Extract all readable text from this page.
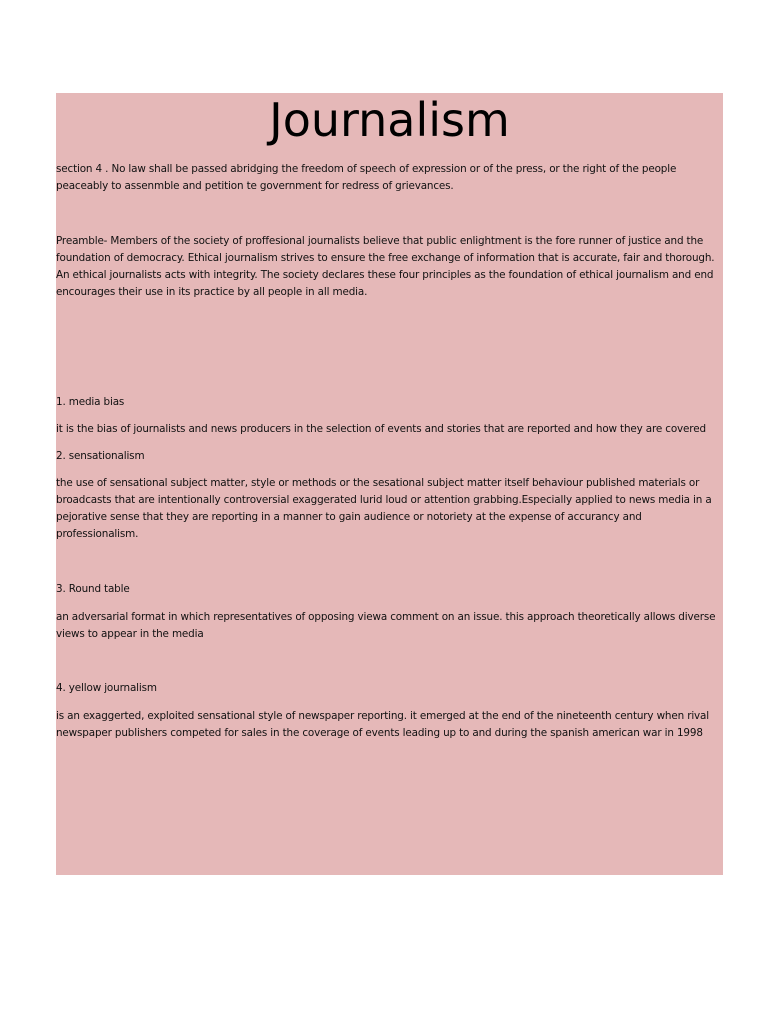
Journalism

section 4 . No law shall be passed abridging the freedom of speech of expression or of the press, or the right of the people peaceably to assenmble and petition te government for redress of grievances.

Preamble- Members of the society of proffesional journalists believe that public enlightment is the fore runner of justice and the foundation of democracy. Ethical journalism strives to ensure the free exchange of information that is accurate, fair and thorough. An ethical journalists acts with integrity. The society declares these four principles as the foundation of ethical journalism and end encourages their use in its practice by all people in all media.

1. media bias

it is the bias of journalists and news producers in the selection of events and stories that are reported and how they are covered

2. sensationalism

the use of sensational subject matter, style or methods or the sesational subject matter itself behaviour published materials or broadcasts that are intentionally controversial exaggerated lurid loud or attention grabbing.Especially applied to news media in a pejorative sense that they are reporting in a manner to gain audience or notoriety at the expense of accurancy and professionalism.

3. Round table

an adversarial format in which representatives of opposing viewa comment on an issue. this approach theoretically allows diverse views to appear in the media

4. yellow journalism

is an exaggerted, exploited sensational style of newspaper reporting. it emerged at the end of the nineteenth century when rival newspaper publishers competed for sales in the coverage of events leading up to and during the spanish american war in 1998
